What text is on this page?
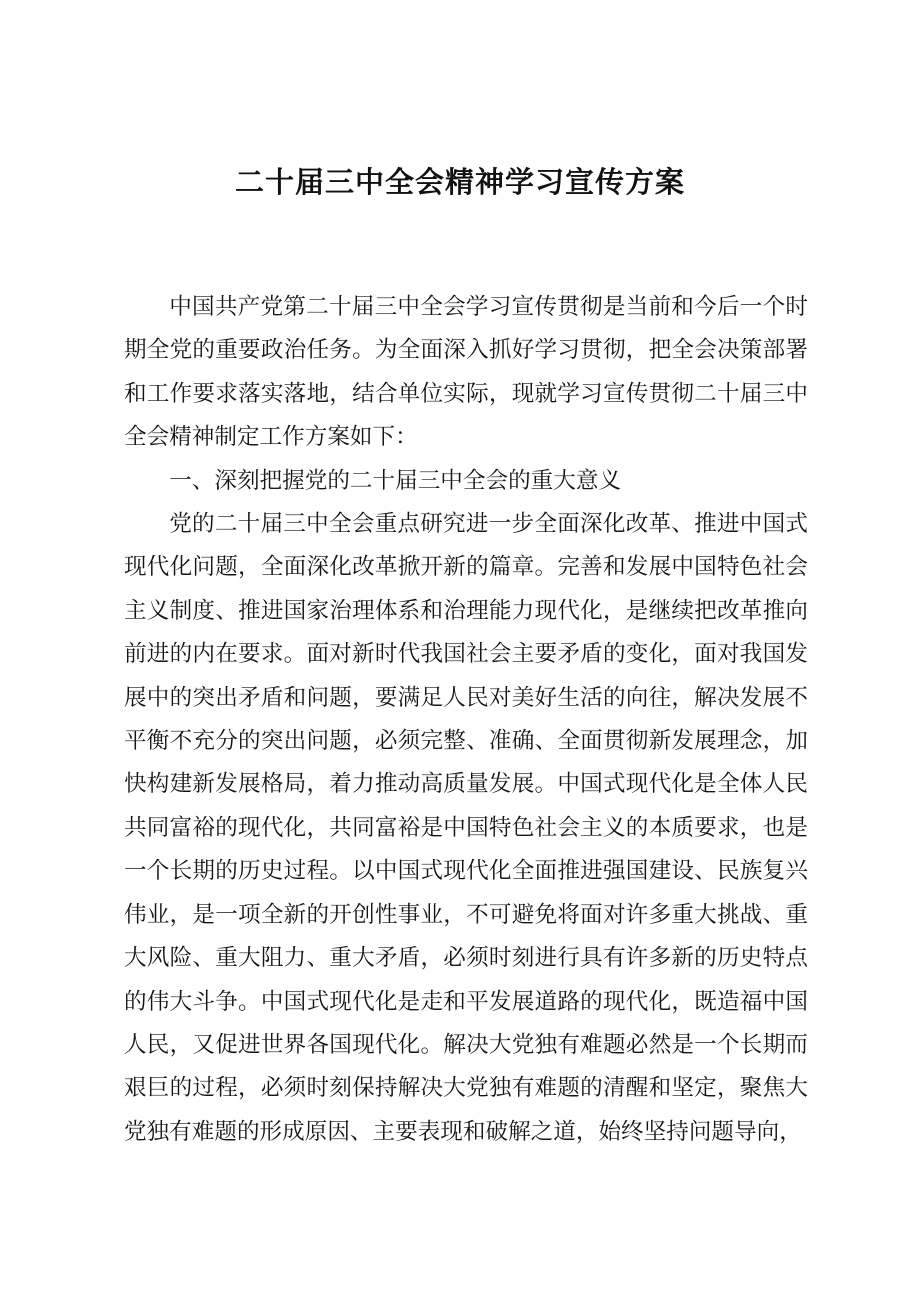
二十届三中全会精神学习宣传方案

中国共产党第二十届三中全会学习宣传贯彻是当前和今后一个时期全党的重要政治任务。为全面深入抓好学习贯彻，把全会决策部署和工作要求落实落地，结合单位实际，现就学习宣传贯彻二十届三中全会精神制定工作方案如下：

一、深刻把握党的二十届三中全会的重大意义

党的二十届三中全会重点研究进一步全面深化改革、推进中国式现代化问题，全面深化改革掀开新的篇章。完善和发展中国特色社会主义制度、推进国家治理体系和治理能力现代化，是继续把改革推向前进的内在要求。面对新时代我国社会主要矛盾的变化，面对我国发展中的突出矛盾和问题，要满足人民对美好生活的向往，解决发展不平衡不充分的突出问题，必须完整、准确、全面贯彻新发展理念，加快构建新发展格局，着力推动高质量发展。中国式现代化是全体人民共同富裕的现代化，共同富裕是中国特色社会主义的本质要求，也是一个长期的历史过程。以中国式现代化全面推进强国建设、民族复兴伟业，是一项全新的开创性事业，不可避免将面对许多重大挑战、重大风险、重大阻力、重大矛盾，必须时刻进行具有许多新的历史特点的伟大斗争。中国式现代化是走和平发展道路的现代化，既造福中国人民，又促进世界各国现代化。解决大党独有难题必然是一个长期而艰巨的过程，必须时刻保持解决大党独有难题的清醒和坚定，聚焦大党独有难题的形成原因、主要表现和破解之道，始终坚持问题导向，
